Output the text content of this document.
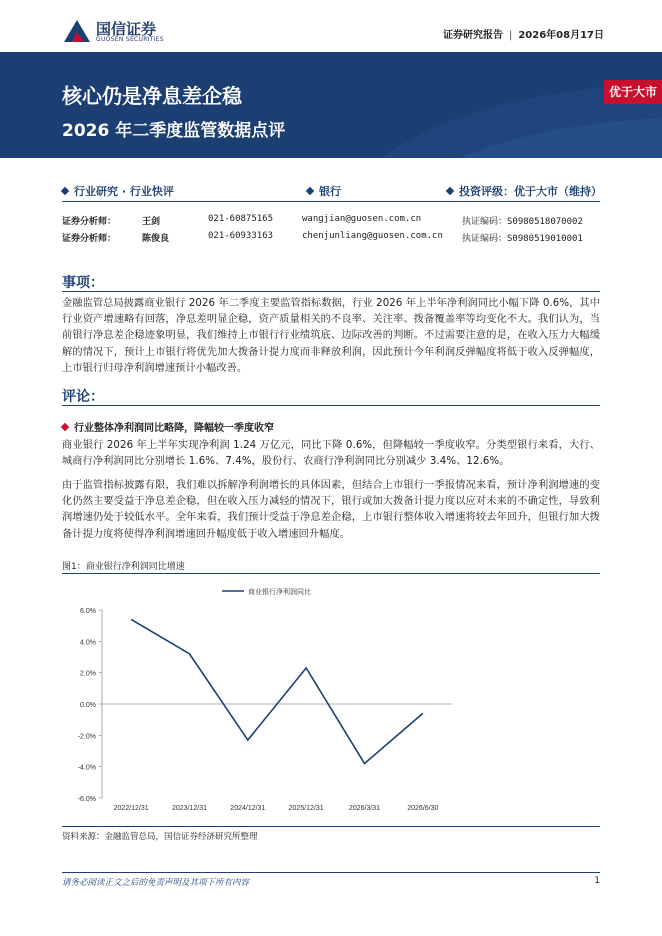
国信证券
GUOSEN SECURITIES	证券研究报告 | 2026年08月17日
核心仍是净息差企稳
2026 年二季度监管数据点评
优于大市
行业研究 · 行业快评	银行	投资评级：优于大市（维持）
证券分析师：	王剑	021-60875165	wangjian@guosen.com.cn	执证编码：S0980518070002
证券分析师：	陈俊良	021-60933163	chenjunliang@guosen.com.cn	执证编码：S0980519010001
事项：
金融监管总局披露商业银行 2026 年二季度主要监管指标数据，行业 2026 年上半年净利润同比小幅下降 0.6%，其中行业资产增速略有回落，净息差明显企稳，资产质量相关的不良率、关注率、拨备覆盖率等均变化不大。我们认为，当前银行净息差企稳迹象明显，我们维持上市银行行业绩筑底、边际改善的判断。不过需要注意的是，在收入压力大幅缓解的情况下，预计上市银行将优先加大拨备计提力度而非释放利润，因此预计今年利润反弹幅度将低于收入反弹幅度，上市银行归母净利润增速预计小幅改善。
评论：
行业整体净利润同比略降，降幅较一季度收窄
商业银行 2026 年上半年实现净利润 1.24 万亿元，同比下降 0.6%，但降幅较一季度收窄。分类型银行来看，大行、城商行净利润同比分别增长 1.6%、7.4%，股份行、农商行净利润同比分别减少 3.4%、12.6%。
由于监管指标披露有限，我们难以拆解净利润增长的具体因素，但结合上市银行一季报情况来看，预计净利润增速的变化仍然主要受益于净息差企稳，但在收入压力减轻的情况下，银行或加大拨备计提力度以应对未来的不确定性，导致利润增速仍处于较低水平。全年来看，我们预计受益于净息差企稳，上市银行整体收入增速将较去年回升，但银行加大拨备计提力度将使得净利润增速回升幅度低于收入增速回升幅度。
图1：商业银行净利润同比增速
6.0%
4.0%
2.0%
0.0%
-2.0%
-4.0%
-6.0%
2022/12/31	2023/12/31	2024/12/31	2025/12/31	2026/3/31	2026/6/30
商业银行净利润同比
资料来源：金融监管总局，国信证券经济研究所整理
请务必阅读正文之后的免责声明及其项下所有内容	1
